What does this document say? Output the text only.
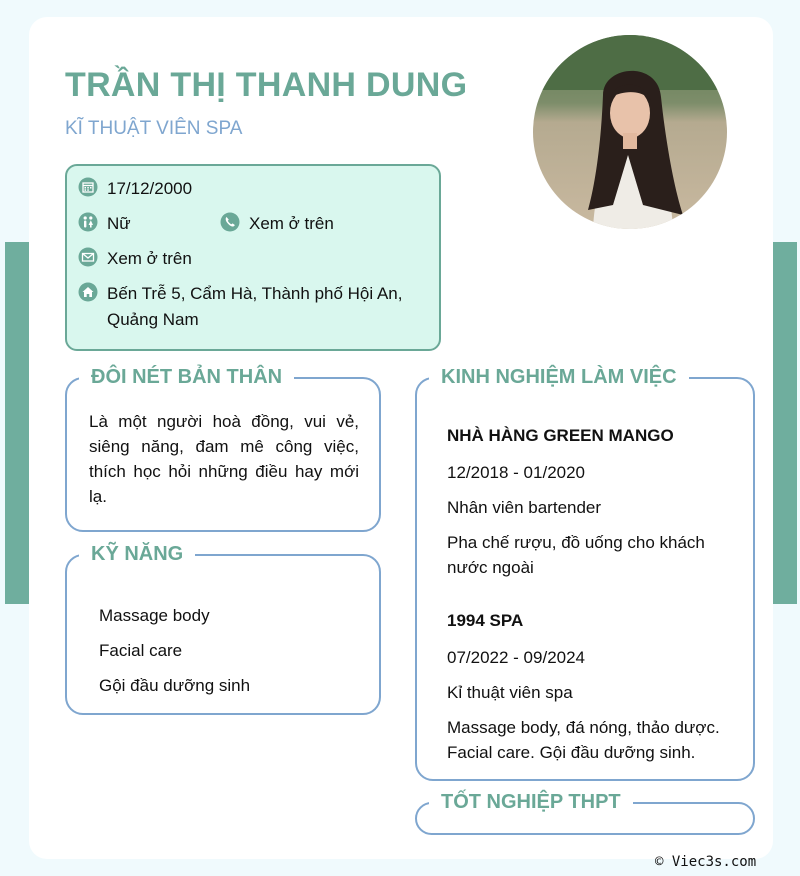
TRẦN THỊ THANH DUNG
KĨ THUẬT VIÊN SPA
17/12/2000
Nữ	Xem ở trên
Xem ở trên
Bến Trễ 5, Cẩm Hà, Thành phố Hội An,
Quảng Nam
ĐÔI NÉT BẢN THÂN
Là một người hoà đồng, vui vẻ, siêng năng, đam mê công việc, thích học hỏi những điều hay mới lạ.
KỸ NĂNG
Massage body
Facial care
Gội đầu dưỡng sinh
KINH NGHIỆM LÀM VIỆC
NHÀ HÀNG GREEN MANGO
12/2018 - 01/2020
Nhân viên bartender
Pha chế rượu, đồ uống cho khách
nước ngoài
1994 SPA
07/2022 - 09/2024
Kỉ thuật viên spa
Massage body, đá nóng, thảo dược.
Facial care. Gội đầu dưỡng sinh.
TỐT NGHIỆP THPT
© Viec3s.com
